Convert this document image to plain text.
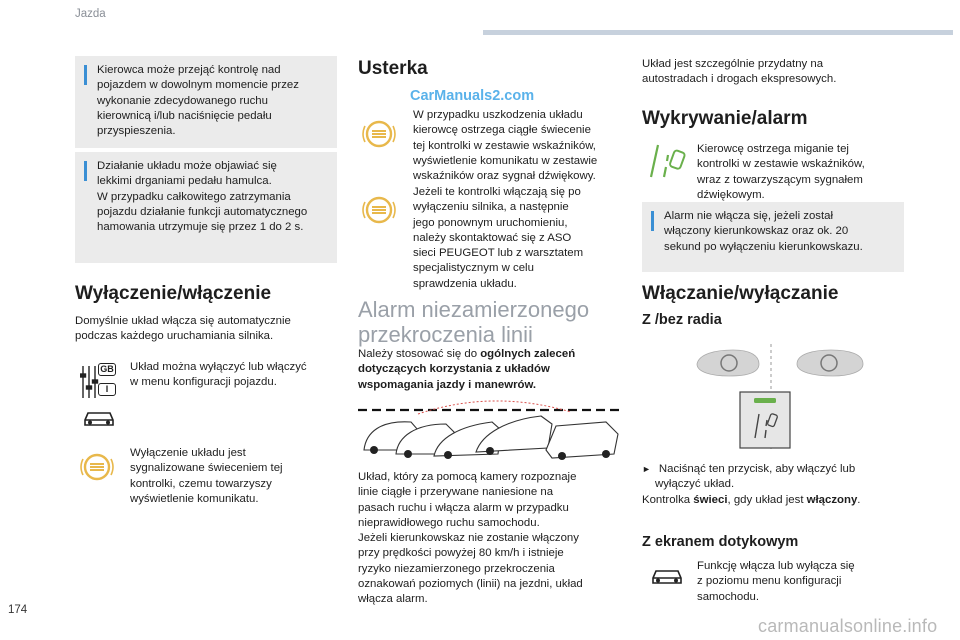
Jazda
Kierowca może przejąć kontrolę nad
pojazdem w dowolnym momencie przez
wykonanie zdecydowanego ruchu
kierownicą i/lub naciśnięcie pedału
przyspieszenia.
Działanie układu może objawiać się
lekkimi drganiami pedału hamulca.
W przypadku całkowitego zatrzymania
pojazdu działanie funkcji automatycznego
hamowania utrzymuje się przez 1 do 2 s.
Wyłączenie/włączenie
Domyślnie układ włącza się automatycznie
podczas każdego uruchamiania silnika.
GB
I
Układ można wyłączyć lub włączyć
w menu konfiguracji pojazdu.
Wyłączenie układu jest
sygnalizowane świeceniem tej
kontrolki, czemu towarzyszy
wyświetlenie komunikatu.
Usterka
CarManuals2.com
W przypadku uszkodzenia układu
kierowcę ostrzega ciągłe świecenie
tej kontrolki w zestawie wskaźników,
wyświetlenie komunikatu w zestawie
wskaźników oraz sygnał dźwiękowy.
Jeżeli te kontrolki włączają się po
wyłączeniu silnika, a następnie
jego ponownym uruchomieniu,
należy skontaktować się z ASO
sieci PEUGEOT lub z warsztatem
specjalistycznym w celu
sprawdzenia układu.
Alarm niezamierzonego
przekroczenia linii
Należy stosować się do ogólnych zaleceń
dotyczących korzystania z układów
wspomagania jazdy i manewrów.
Układ, który za pomocą kamery rozpoznaje
linie ciągłe i przerywane naniesione na
pasach ruchu i włącza alarm w przypadku
nieprawidłowego ruchu samochodu.
Jeżeli kierunkowskaz nie zostanie włączony
przy prędkości powyżej 80 km/h i istnieje
ryzyko niezamierzonego przekroczenia
oznakowań poziomych (linii) na jezdni, układ
włącza alarm.
Układ jest szczególnie przydatny na
autostradach i drogach ekspresowych.
Wykrywanie/alarm
Kierowcę ostrzega miganie tej
kontrolki w zestawie wskaźników,
wraz z towarzyszącym sygnałem
dźwiękowym.
Alarm nie włącza się, jeżeli został
włączony kierunkowskaz oraz ok. 20
sekund po wyłączeniu kierunkowskazu.
Włączanie/wyłączanie
Z /bez radia
► Naciśnąć ten przycisk, aby włączyć lub
wyłączyć układ.
Kontrolka świeci, gdy układ jest włączony.
Z ekranem dotykowym
Funkcję włącza lub wyłącza się
z poziomu menu konfiguracji
samochodu.
174
carmanualsonline.info
